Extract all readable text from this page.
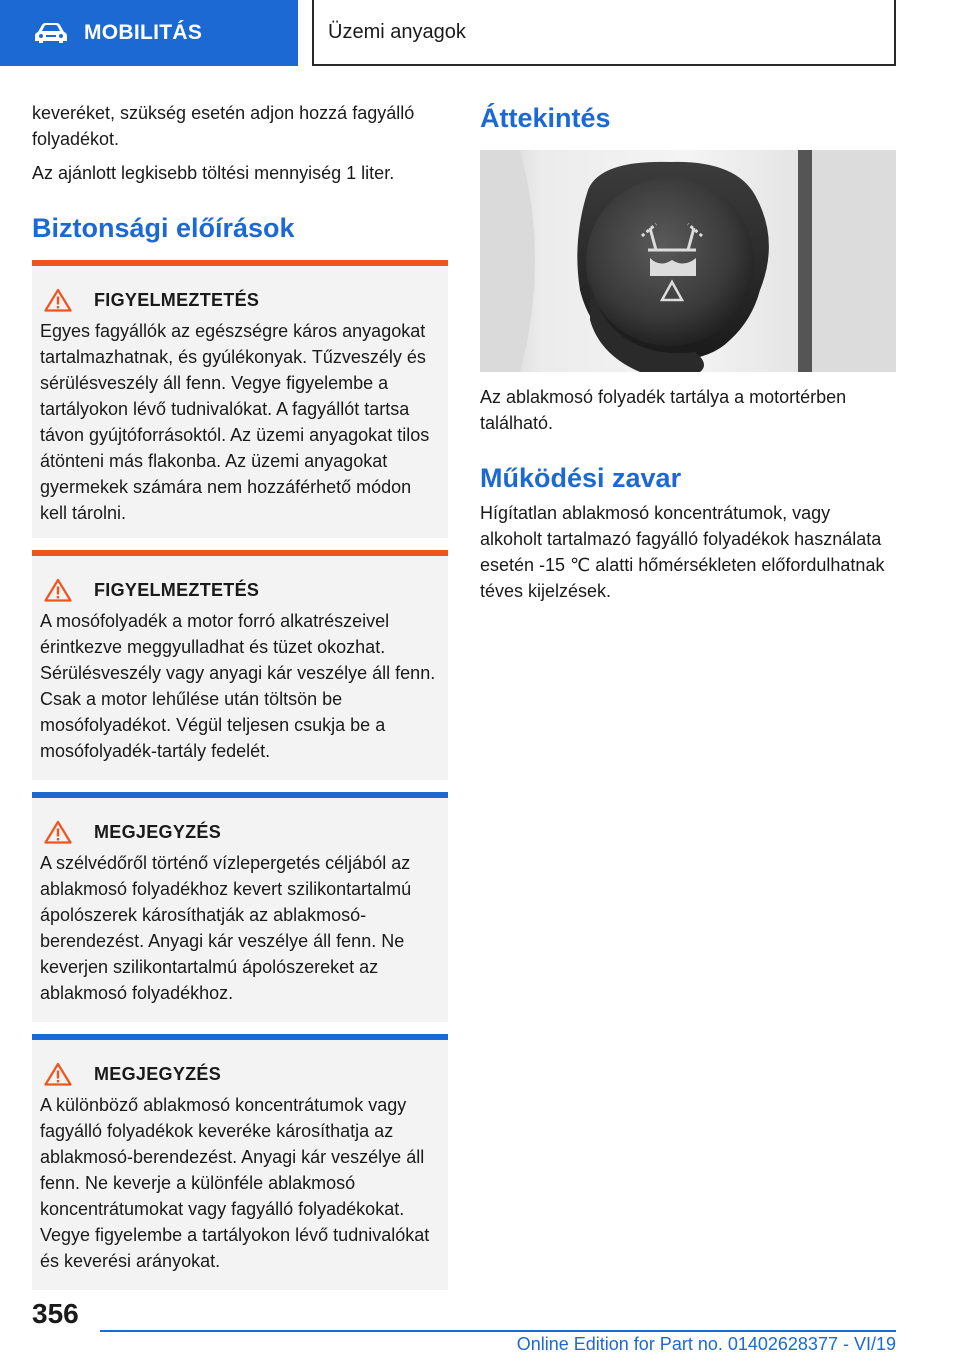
MOBILITÁS	Üzemi anyagok

keveréket, szükség esetén adjon hozzá fagyálló folyadékot.

Az ajánlott legkisebb töltési mennyiség 1 liter.

Biztonsági előírások
FIGYELMEZTETÉS
Egyes fagyállók az egészségre káros anyagokat tartalmazhatnak, és gyúlékonyak. Tűzveszély és sérülésveszély áll fenn. Vegye figyelembe a tartályokon lévő tudnivalókat. A fagyállót tartsa távon gyújtóforrásoktól. Az üzemi anyagokat tilos átönteni más flakonba. Az üzemi anyagokat gyermekek számára nem hozzáférhető módon kell tárolni.
FIGYELMEZTETÉS
A mosófolyadék a motor forró alkatrészeivel érintkezve meggyulladhat és tüzet okozhat. Sérülésveszély vagy anyagi kár veszélye áll fenn. Csak a motor lehűlése után töltsön be mosófolyadékot. Végül teljesen csukja be a mosófolyadék-tartály fedelét.
MEGJEGYZÉS
A szélvédőről történő vízlepergetés céljából az ablakmosó folyadékhoz kevert szilikontartalmú ápolószerek károsíthatják az ablakmosó-berendezést. Anyagi kár veszélye áll fenn. Ne keverjen szilikontartalmú ápolószereket az ablakmosó folyadékhoz.
MEGJEGYZÉS
A különböző ablakmosó koncentrátumok vagy fagyálló folyadékok keveréke károsíthatja az ablakmosó-berendezést. Anyagi kár veszélye áll fenn. Ne keverje a különféle ablakmosó koncentrátumokat vagy fagyálló folyadékokat. Vegye figyelembe a tartályokon lévő tudnivalókat és keverési arányokat.
Áttekintés

Az ablakmosó folyadék tartálya a motortérben található.

Működési zavar

Hígítatlan ablakmosó koncentrátumok, vagy alkoholt tartalmazó fagyálló folyadékok használata esetén -15 ℃ alatti hőmérsékleten előfordulhatnak téves kijelzések.

356
Online Edition for Part no. 01402628377 - VI/19
